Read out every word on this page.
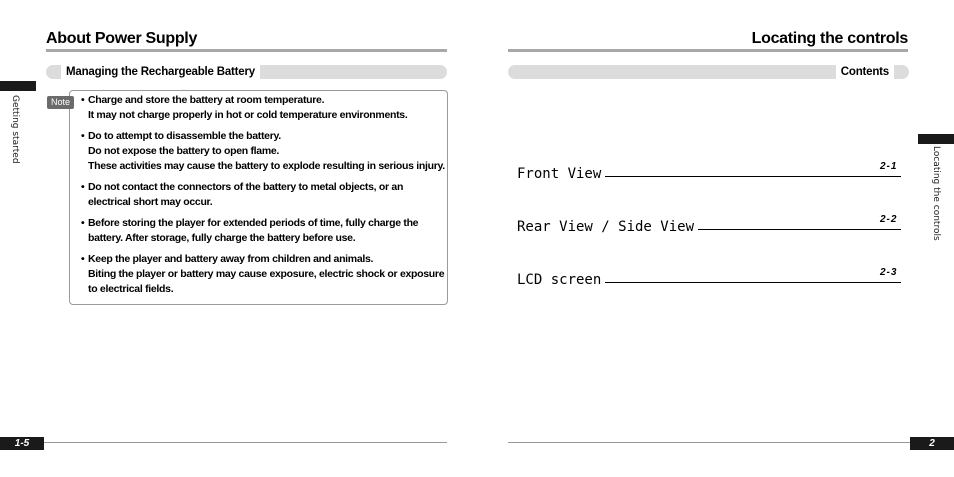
About Power Supply
Managing the Rechargeable Battery
Getting started	• Charge and store the battery at room temperature.
It may not charge properly in hot or cold temperature environments.
• Do to attempt to disassemble the battery.
Do not expose the battery to open flame.
These activities may cause the battery to explode resulting in serious injury.
• Do not contact the connectors of the battery to metal objects, or an
electrical short may occur.
• Before storing the player for extended periods of time, fully charge the
battery. After storage, fully charge the battery before use.
• Keep the player and battery away from children and animals.
Biting the player or battery may cause exposure, electric shock or exposure
to electrical fields.
Note
1-5
Locating the controls
Contents
Locating the controls
Front View	2-1
Rear View / Side View	2-2
LCD screen	2-3
2
